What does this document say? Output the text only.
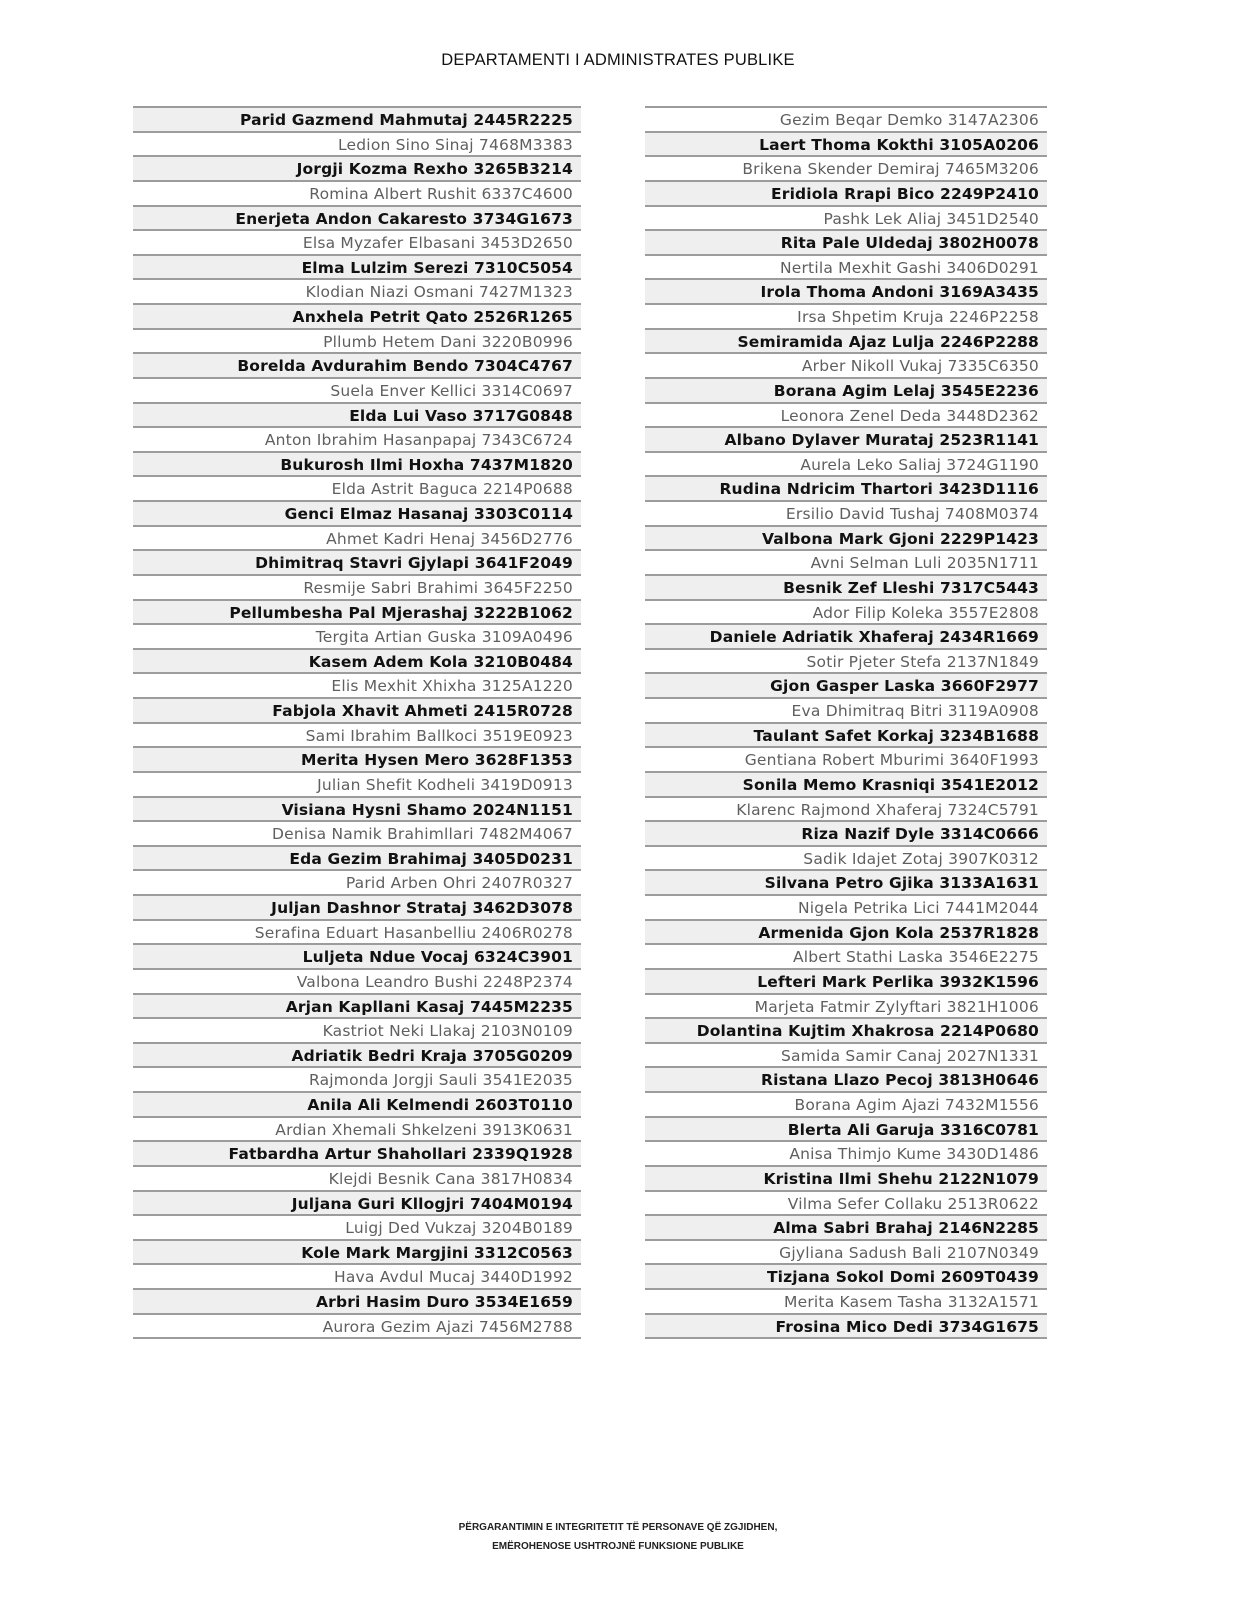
DEPARTAMENTI I ADMINISTRATES PUBLIKE
Parid Gazmend Mahmutaj 2445R2225
Ledion Sino Sinaj 7468M3383
Jorgji Kozma Rexho 3265B3214
Romina Albert Rushit 6337C4600
Enerjeta Andon Cakaresto 3734G1673
Elsa Myzafer Elbasani 3453D2650
Elma Lulzim Serezi 7310C5054
Klodian Niazi Osmani 7427M1323
Anxhela Petrit Qato 2526R1265
Pllumb Hetem Dani 3220B0996
Borelda Avdurahim Bendo 7304C4767
Suela Enver Kellici 3314C0697
Elda Lui Vaso 3717G0848
Anton Ibrahim Hasanpapaj 7343C6724
Bukurosh Ilmi Hoxha 7437M1820
Elda Astrit Baguca 2214P0688
Genci Elmaz Hasanaj 3303C0114
Ahmet Kadri Henaj 3456D2776
Dhimitraq Stavri Gjylapi 3641F2049
Resmije Sabri Brahimi 3645F2250
Pellumbesha Pal Mjerashaj 3222B1062
Tergita Artian Guska 3109A0496
Kasem Adem Kola 3210B0484
Elis Mexhit Xhixha 3125A1220
Fabjola Xhavit Ahmeti 2415R0728
Sami Ibrahim Ballkoci 3519E0923
Merita Hysen Mero 3628F1353
Julian Shefit Kodheli 3419D0913
Visiana Hysni Shamo 2024N1151
Denisa Namik Brahimllari 7482M4067
Eda Gezim Brahimaj 3405D0231
Parid Arben Ohri 2407R0327
Juljan Dashnor Strataj 3462D3078
Serafina Eduart Hasanbelliu 2406R0278
Luljeta Ndue Vocaj 6324C3901
Valbona Leandro Bushi 2248P2374
Arjan Kapllani Kasaj 7445M2235
Kastriot Neki Llakaj 2103N0109
Adriatik Bedri Kraja 3705G0209
Rajmonda Jorgji Sauli 3541E2035
Anila Ali Kelmendi 2603T0110
Ardian Xhemali Shkelzeni 3913K0631
Fatbardha Artur Shahollari 2339Q1928
Klejdi Besnik Cana 3817H0834
Juljana Guri Kllogjri 7404M0194
Luigj Ded Vukzaj 3204B0189
Kole Mark Margjini 3312C0563
Hava Avdul Mucaj 3440D1992
Arbri Hasim Duro 3534E1659
Aurora Gezim Ajazi 7456M2788
Gezim Beqar Demko 3147A2306
Laert Thoma Kokthi 3105A0206
Brikena Skender Demiraj 7465M3206
Eridiola Rrapi Bico 2249P2410
Pashk Lek Aliaj 3451D2540
Rita Pale Uldedaj 3802H0078
Nertila Mexhit Gashi 3406D0291
Irola Thoma Andoni 3169A3435
Irsa Shpetim Kruja 2246P2258
Semiramida Ajaz Lulja 2246P2288
Arber Nikoll Vukaj 7335C6350
Borana Agim Lelaj 3545E2236
Leonora Zenel Deda 3448D2362
Albano Dylaver Murataj 2523R1141
Aurela Leko Saliaj 3724G1190
Rudina Ndricim Thartori 3423D1116
Ersilio David Tushaj 7408M0374
Valbona Mark Gjoni 2229P1423
Avni Selman Luli 2035N1711
Besnik Zef Lleshi 7317C5443
Ador Filip Koleka 3557E2808
Daniele Adriatik Xhaferaj 2434R1669
Sotir Pjeter Stefa 2137N1849
Gjon Gasper Laska 3660F2977
Eva Dhimitraq Bitri 3119A0908
Taulant Safet Korkaj 3234B1688
Gentiana Robert Mburimi 3640F1993
Sonila Memo Krasniqi 3541E2012
Klarenc Rajmond Xhaferaj 7324C5791
Riza Nazif Dyle 3314C0666
Sadik Idajet Zotaj 3907K0312
Silvana Petro Gjika 3133A1631
Nigela Petrika Lici 7441M2044
Armenida Gjon Kola 2537R1828
Albert Stathi Laska 3546E2275
Lefteri Mark Perlika 3932K1596
Marjeta Fatmir Zylyftari 3821H1006
Dolantina Kujtim Xhakrosa 2214P0680
Samida Samir Canaj 2027N1331
Ristana Llazo Pecoj 3813H0646
Borana Agim Ajazi 7432M1556
Blerta Ali Garuja 3316C0781
Anisa Thimjo Kume 3430D1486
Kristina Ilmi Shehu 2122N1079
Vilma Sefer Collaku 2513R0622
Alma Sabri Brahaj 2146N2285
Gjyliana Sadush Bali 2107N0349
Tizjana Sokol Domi 2609T0439
Merita Kasem Tasha 3132A1571
Frosina Mico Dedi 3734G1675
PËRGARANTIMIN E INTEGRITETIT TË PERSONAVE QË ZGJIDHEN,
EMËROHENOSE USHTROJNË FUNKSIONE PUBLIKE
